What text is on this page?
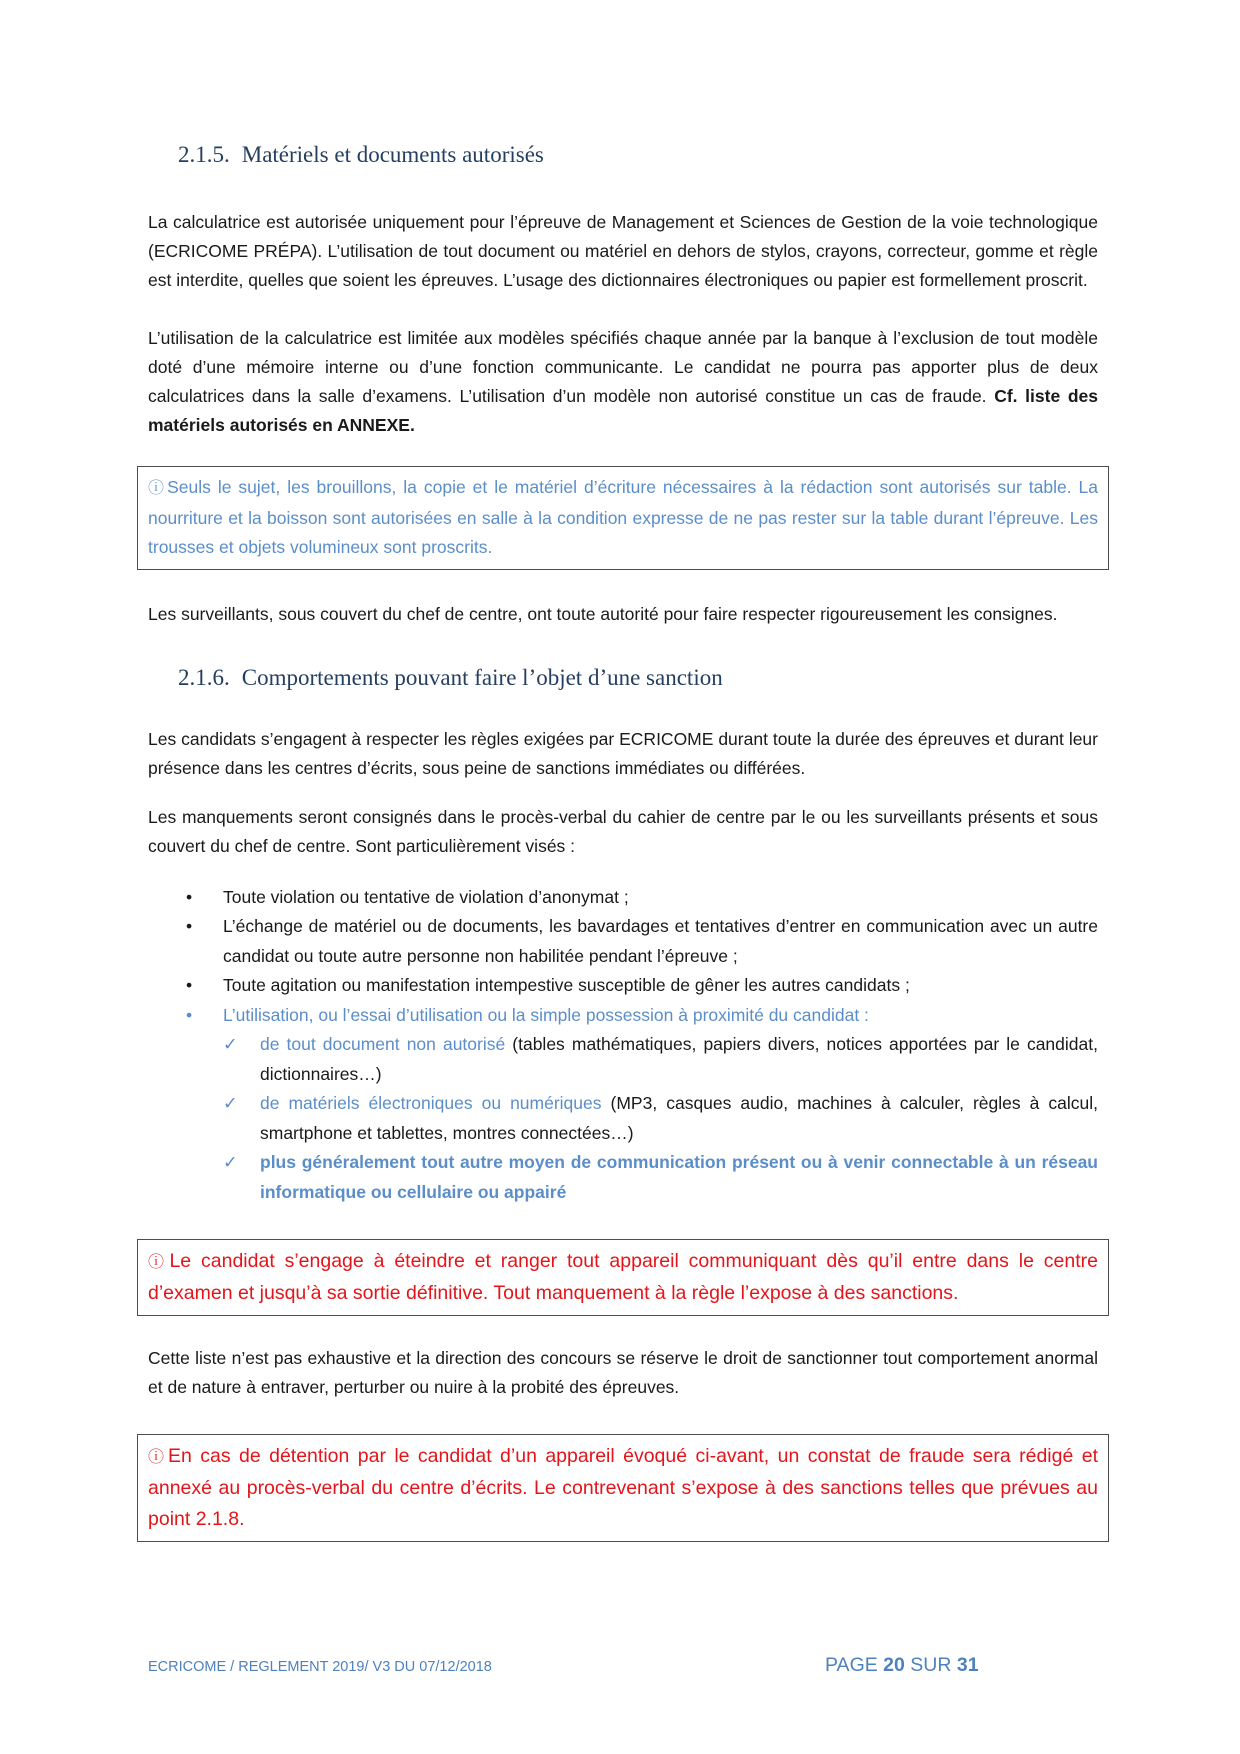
2.1.5. Matériels et documents autorisés

La calculatrice est autorisée uniquement pour l’épreuve de Management et Sciences de Gestion de la voie technologique (ECRICOME PRÉPA). L’utilisation de tout document ou matériel en dehors de stylos, crayons, correcteur, gomme et règle est interdite, quelles que soient les épreuves. L’usage des dictionnaires électroniques ou papier est formellement proscrit.

L’utilisation de la calculatrice est limitée aux modèles spécifiés chaque année par la banque à l’exclusion de tout modèle doté d’une mémoire interne ou d’une fonction communicante. Le candidat ne pourra pas apporter plus de deux calculatrices dans la salle d’examens. L’utilisation d’un modèle non autorisé constitue un cas de fraude. Cf. liste des matériels autorisés en ANNEXE.

ⓘSeuls le sujet, les brouillons, la copie et le matériel d’écriture nécessaires à la rédaction sont autorisés sur table. La nourriture et la boisson sont autorisées en salle à la condition expresse de ne pas rester sur la table durant l’épreuve. Les trousses et objets volumineux sont proscrits.

Les surveillants, sous couvert du chef de centre, ont toute autorité pour faire respecter rigoureusement les consignes.

2.1.6. Comportements pouvant faire l’objet d’une sanction

Les candidats s’engagent à respecter les règles exigées par ECRICOME durant toute la durée des épreuves et durant leur présence dans les centres d’écrits, sous peine de sanctions immédiates ou différées.

Les manquements seront consignés dans le procès-verbal du cahier de centre par le ou les surveillants présents et sous couvert du chef de centre. Sont particulièrement visés :

• Toute violation ou tentative de violation d’anonymat ;
• L’échange de matériel ou de documents, les bavardages et tentatives d’entrer en communication avec un autre candidat ou toute autre personne non habilitée pendant l’épreuve ;
• Toute agitation ou manifestation intempestive susceptible de gêner les autres candidats ;
• L’utilisation, ou l’essai d’utilisation ou la simple possession à proximité du candidat :
✓ de tout document non autorisé (tables mathématiques, papiers divers, notices apportées par le candidat, dictionnaires…)
✓ de matériels électroniques ou numériques (MP3, casques audio, machines à calculer, règles à calcul, smartphone et tablettes, montres connectées…)
✓ plus généralement tout autre moyen de communication présent ou à venir connectable à un réseau informatique ou cellulaire ou appairé

ⓘLe candidat s’engage à éteindre et ranger tout appareil communiquant dès qu’il entre dans le centre d’examen et jusqu’à sa sortie définitive. Tout manquement à la règle l’expose à des sanctions.

Cette liste n’est pas exhaustive et la direction des concours se réserve le droit de sanctionner tout comportement anormal et de nature à entraver, perturber ou nuire à la probité des épreuves.

ⓘEn cas de détention par le candidat d’un appareil évoqué ci-avant, un constat de fraude sera rédigé et annexé au procès-verbal du centre d’écrits. Le contrevenant s’expose à des sanctions telles que prévues au point 2.1.8.

ECRICOME / REGLEMENT 2019/ V3 DU 07/12/2018	PAGE 20 SUR 31
